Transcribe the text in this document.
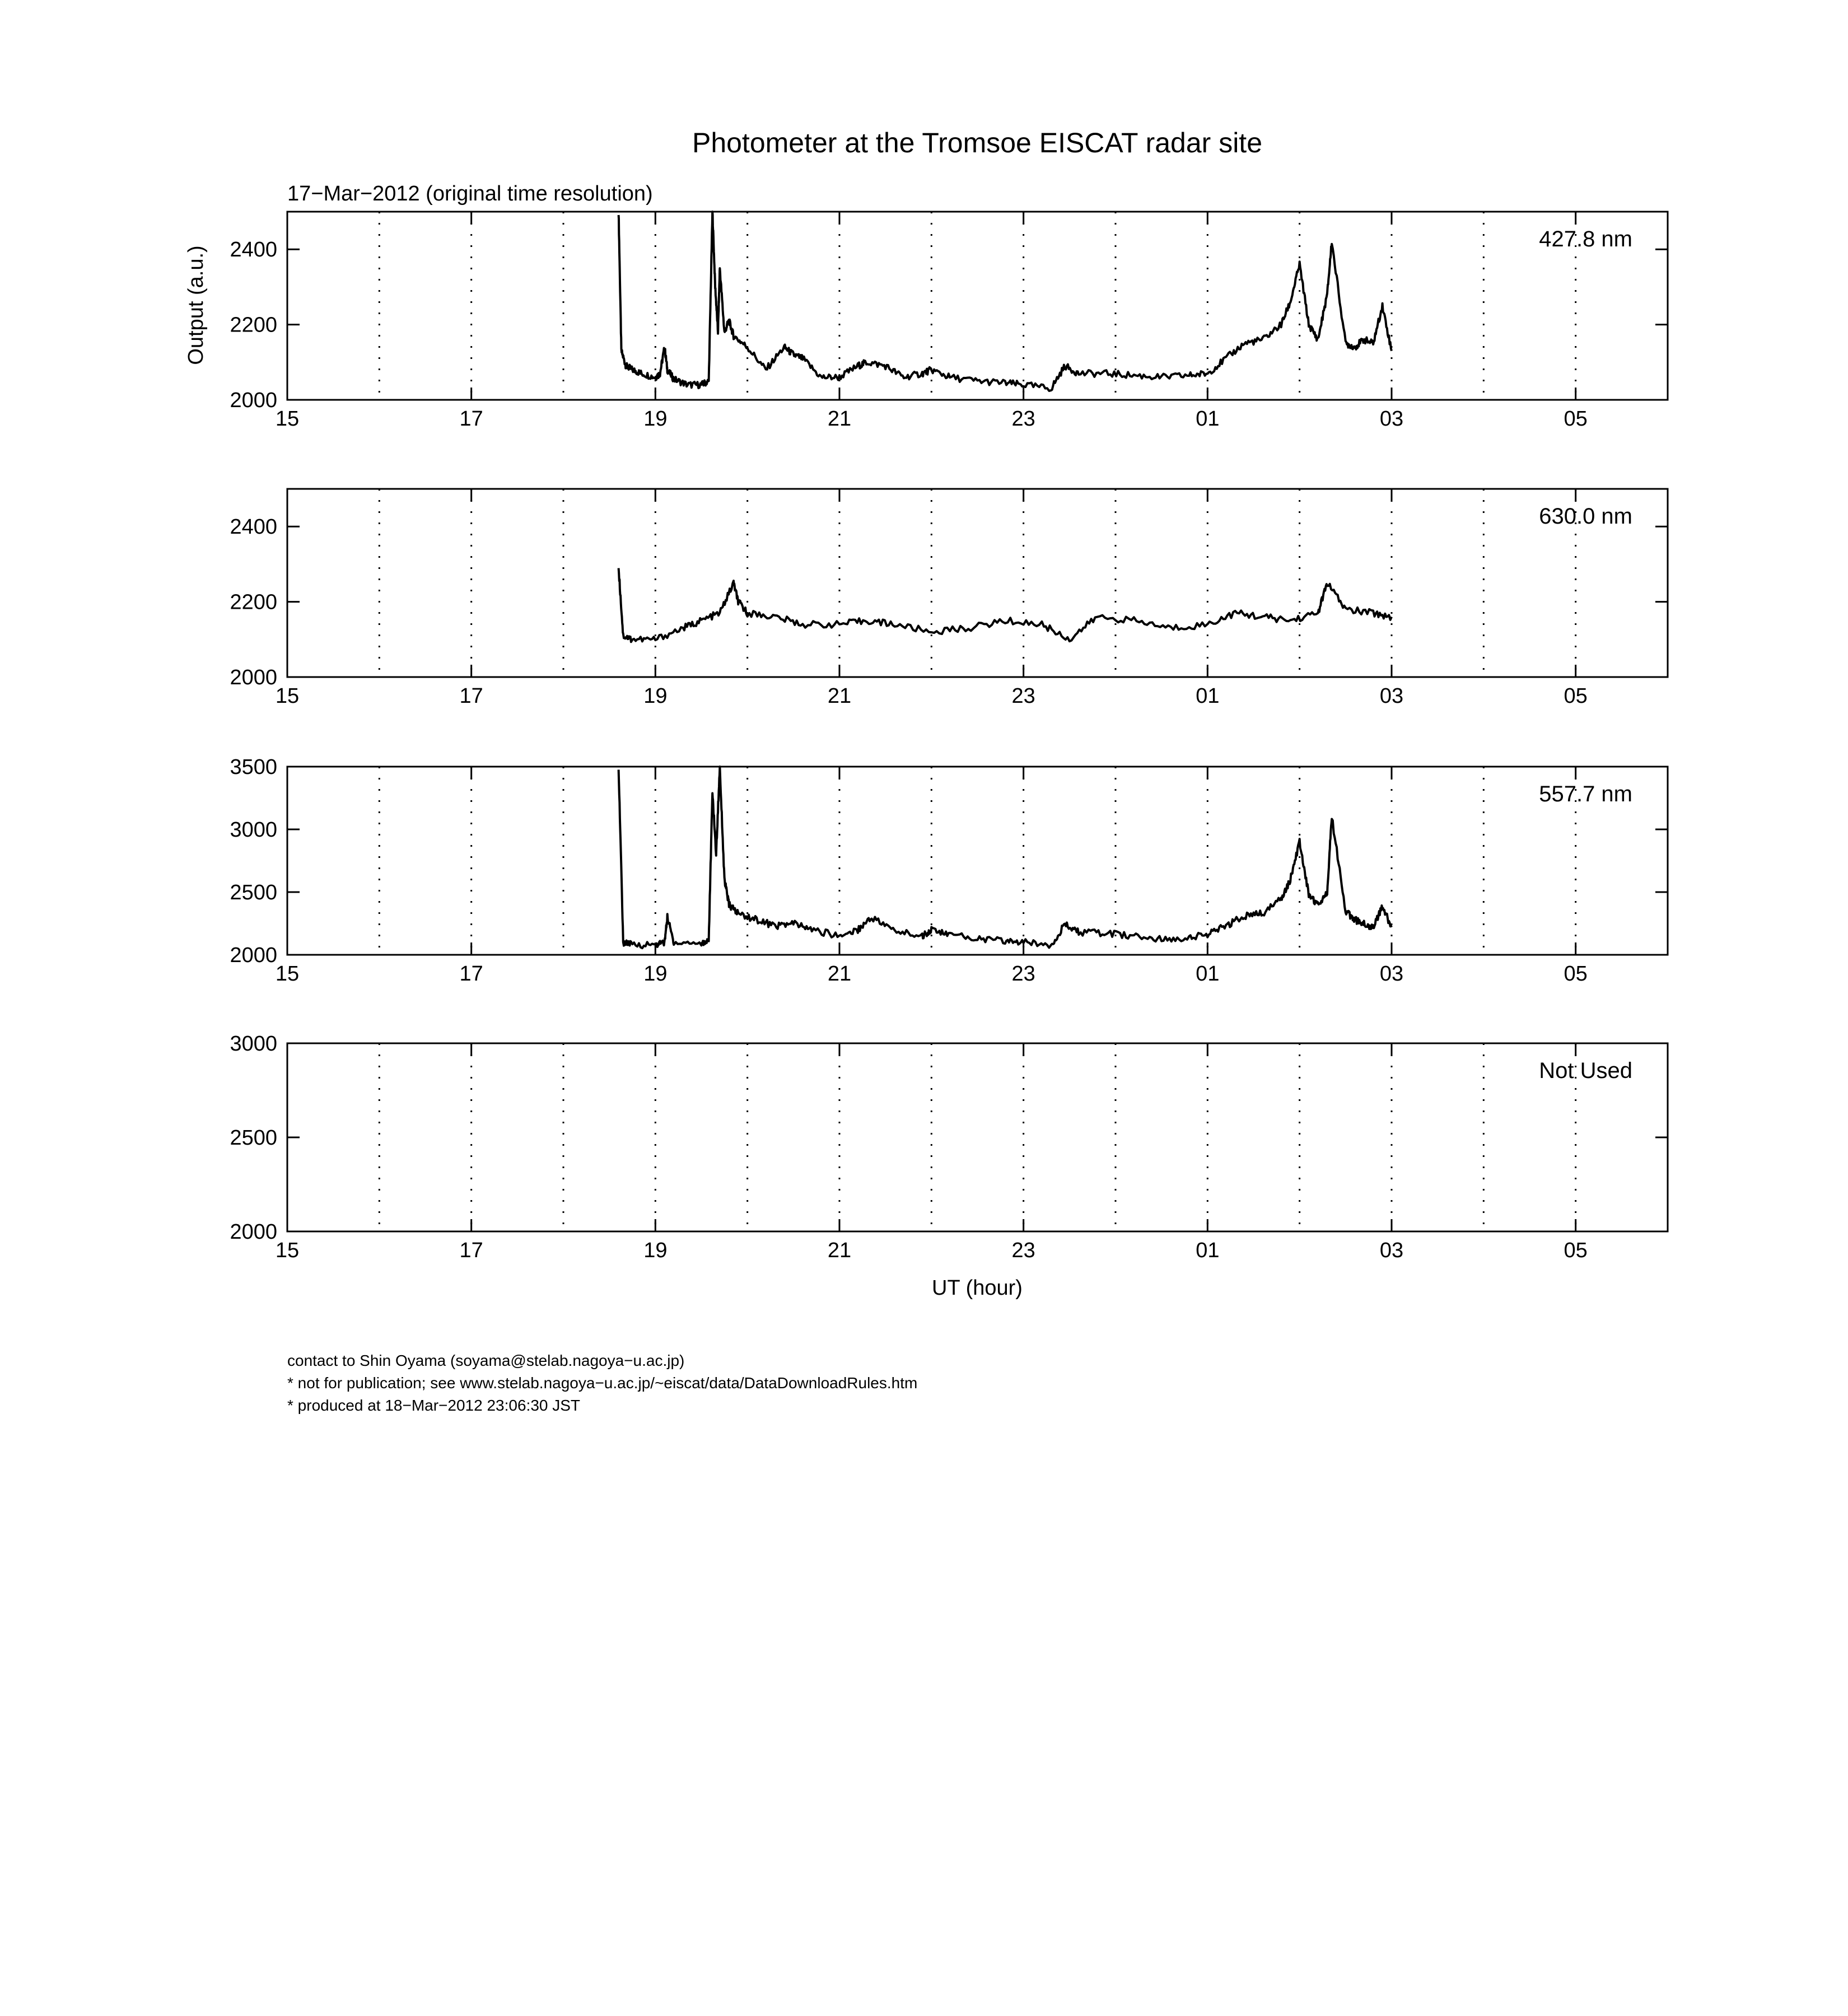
Photometer at the Tromsoe EISCAT radar site
17−Mar−2012 (original time resolution)
Output (a.u.)
UT (hour)
15	17	19	21	23	01	03	05
2000
2200
2400	427.8 nm
15	17	19	21	23	01	03	05
2000
2200
2400	630.0 nm
15	17	19	21	23	01	03	05
2000
2500
3000
3500
557.7 nm
15	17	19	21	23	01	03	05
2000
2500
3000
Not Used
contact to Shin Oyama (soyama@stelab.nagoya−u.ac.jp)
* not for publication; see www.stelab.nagoya−u.ac.jp/~eiscat/data/DataDownloadRules.htm
* produced at 18−Mar−2012 23:06:30 JST
